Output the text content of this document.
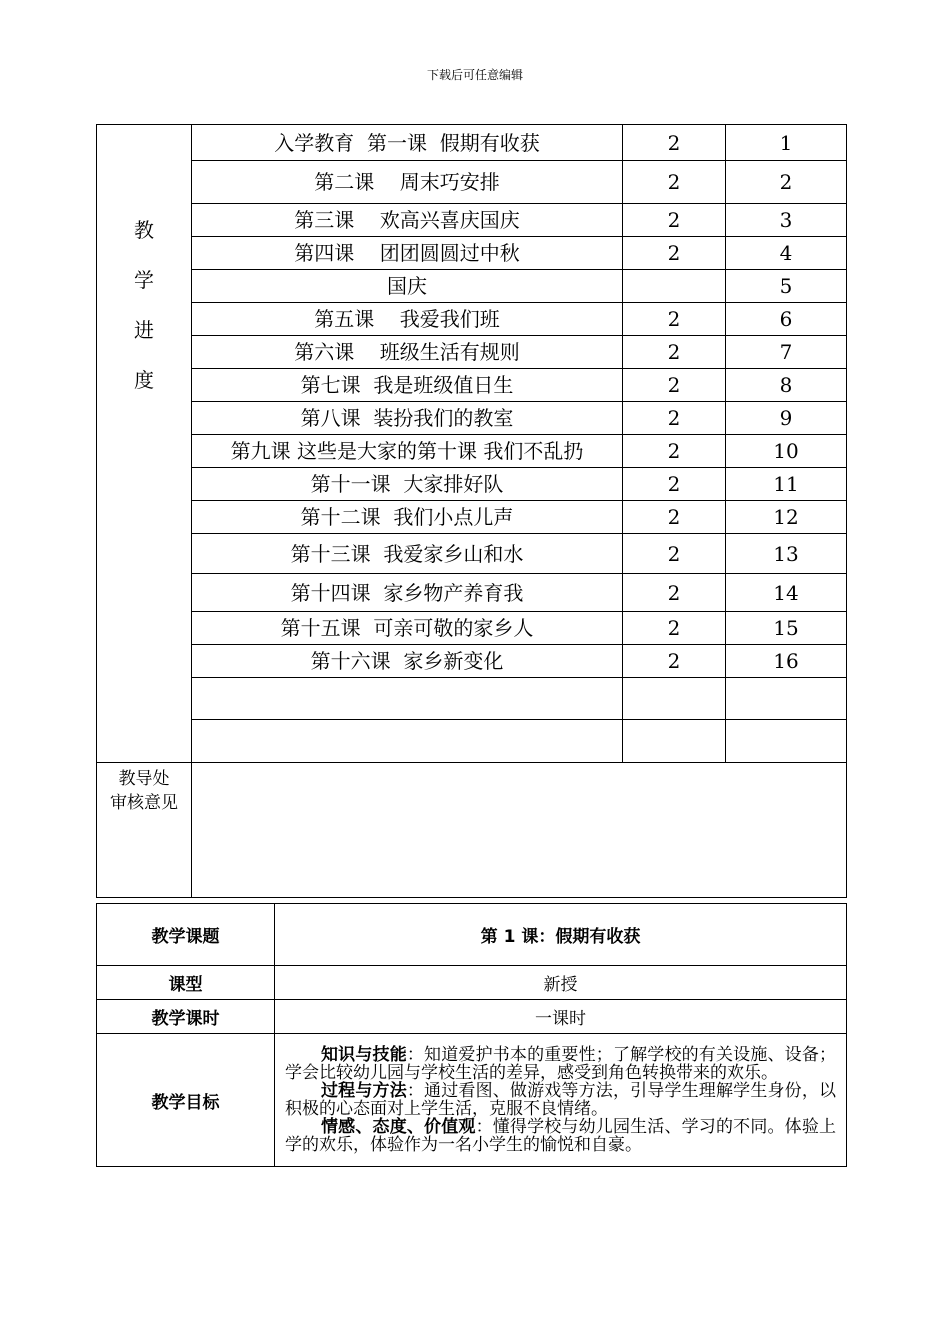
下载后可任意编辑
教
学
进
度	入学教育  第一课  假期有收获	2	1
	第二课    周末巧安排	2	2
	第三课    欢高兴喜庆国庆	2	3
	第四课    团团圆圆过中秋	2	4
	国庆		5
	第五课    我爱我们班	2	6
	第六课    班级生活有规则	2	7
	第七课  我是班级值日生	2	8
	第八课  装扮我们的教室	2	9
	第九课 这些是大家的第十课 我们不乱扔	2	10
	第十一课  大家排好队	2	11
	第十二课  我们小点儿声	2	12
	第十三课  我爱家乡山和水	2	13
	第十四课  家乡物产养育我	2	14
	第十五课  可亲可敬的家乡人	2	15
	第十六课  家乡新变化	2	16

教导处
审核意见			

教学课题	第 1 课：假期有收获
课型	新授
教学课时	一课时
教学目标	知识与技能：知道爱护书本的重要性；了解学校的有关设施、设备；学会比较幼儿园与学校生活的差异，感受到角色转换带来的欢乐。

过程与方法：通过看图、做游戏等方法，引导学生理解学生身份，以积极的心态面对上学生活，克服不良情绪。

情感、态度、价值观：懂得学校与幼儿园生活、学习的不同。体验上学的欢乐，体验作为一名小学生的愉悦和自豪。
